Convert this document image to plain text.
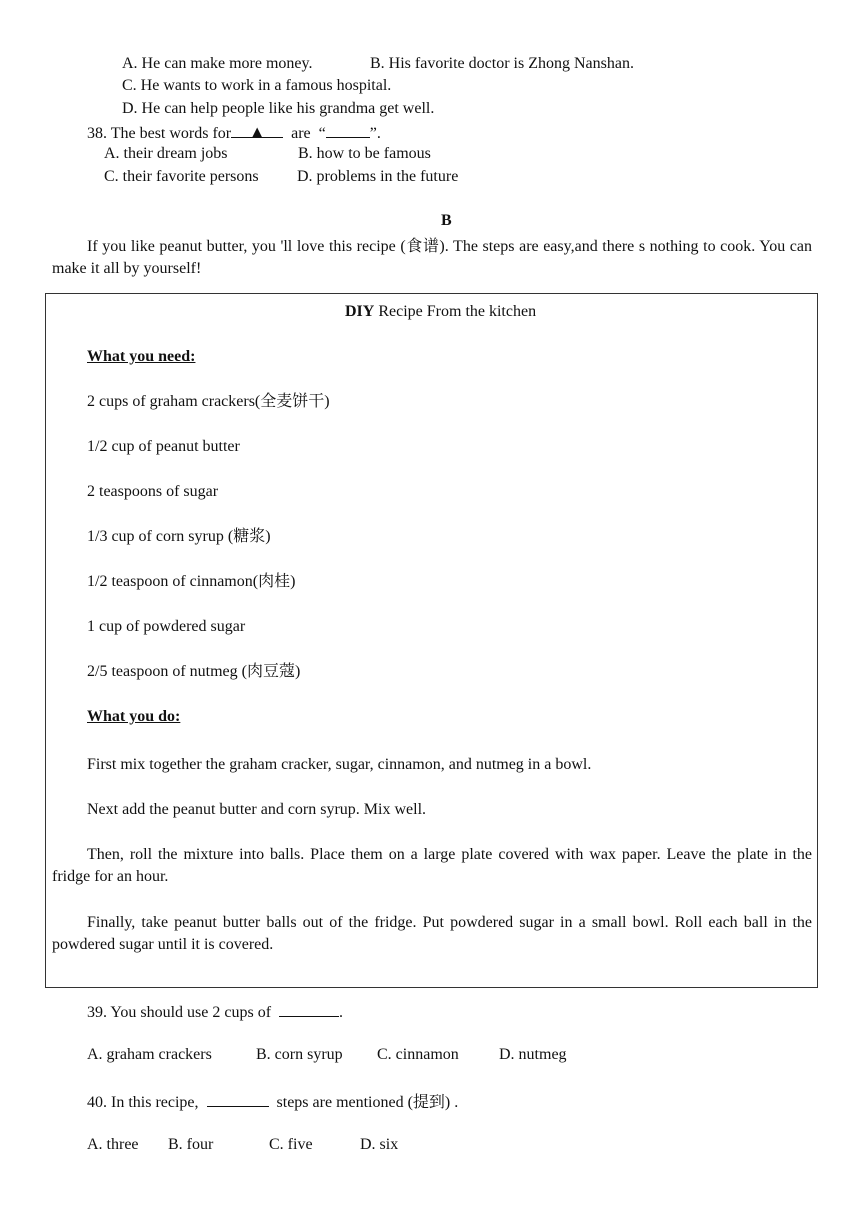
A. He can make more money.	B. His favorite doctor is Zhong Nanshan.
C. He wants to work in a famous hospital.
D. He can help people like his grandma get well.
38. The best words for ▲ are “	”.
A. their dream jobs	B. how to be famous
C. their favorite persons D. problems in the future
B
If you like peanut butter, you 'll love this recipe (食谱). The steps are easy,and there s nothing to cook. You can make it all by yourself!
DIY Recipe From the kitchen
What you need:
2 cups of graham crackers(全麦饼干)
1/2 cup of peanut butter
2 teaspoons of sugar
1/3 cup of corn syrup (糖浆)
1/2 teaspoon of cinnamon(肉桂)
1 cup of powdered sugar
2/5 teaspoon of nutmeg (肉豆蔻)
What you do:
First mix together the graham cracker, sugar, cinnamon, and nutmeg in a bowl.
Next add the peanut butter and corn syrup. Mix well.
Then, roll the mixture into balls. Place them on a large plate covered with wax paper. Leave the plate in the fridge for an hour.
Finally, take peanut butter balls out of the fridge. Put powdered sugar in a small bowl. Roll each ball in the powdered sugar until it is covered.
39. You should use 2 cups of	.
A. graham crackers	B. corn syrup C. cinnamon	D. nutmeg
40. In this recipe,	steps are mentioned (提到) .
A. three B. four	C. five	D. six
